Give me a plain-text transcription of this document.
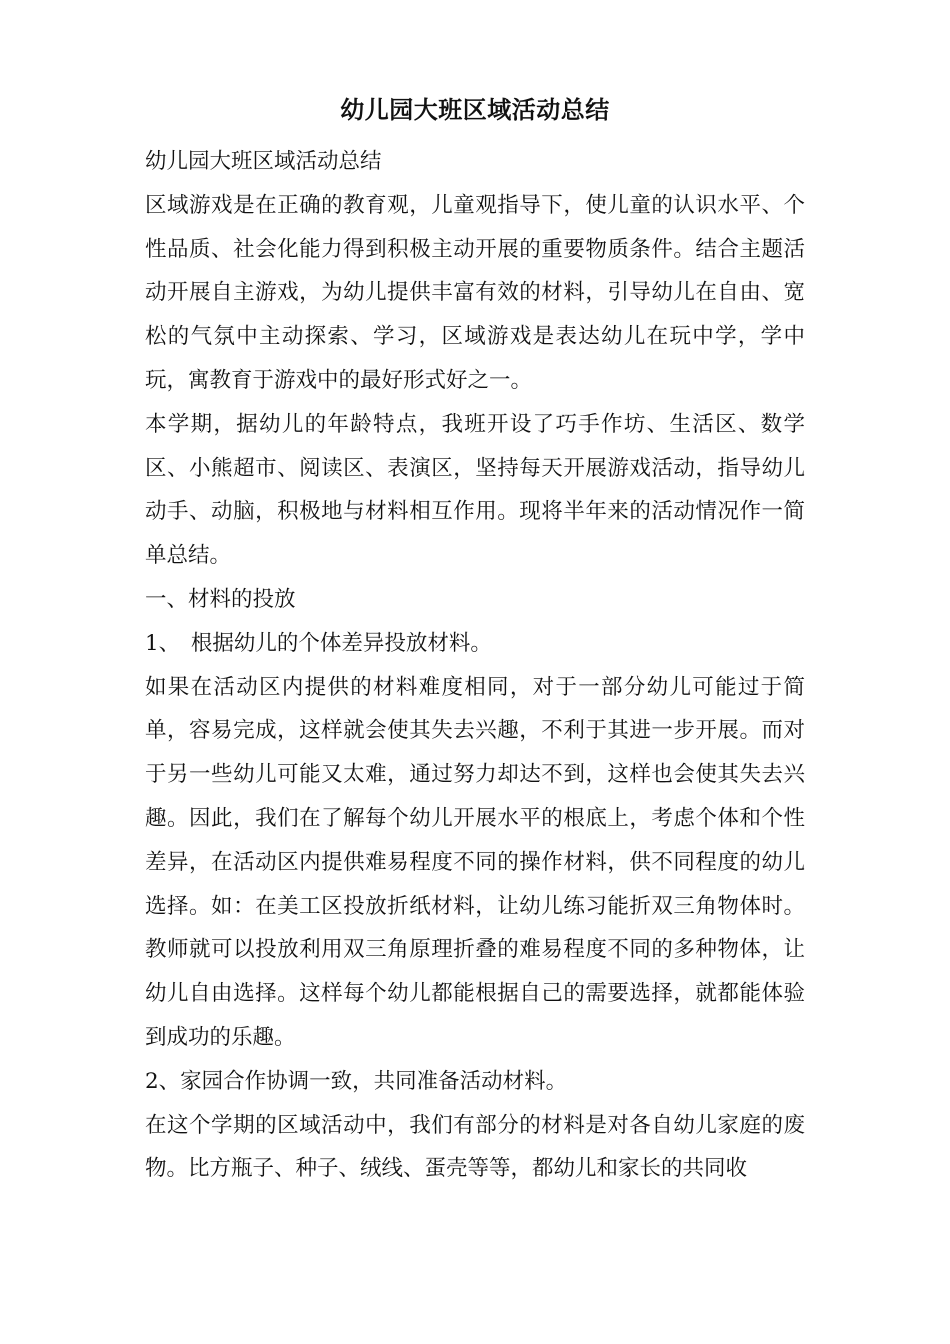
幼儿园大班区域活动总结

幼儿园大班区域活动总结

区域游戏是在正确的教育观，儿童观指导下，使儿童的认识水平、个性品质、社会化能力得到积极主动开展的重要物质条件。结合主题活动开展自主游戏，为幼儿提供丰富有效的材料，引导幼儿在自由、宽松的气氛中主动探索、学习，区域游戏是表达幼儿在玩中学，学中玩，寓教育于游戏中的最好形式好之一。

本学期，据幼儿的年龄特点，我班开设了巧手作坊、生活区、数学区、小熊超市、阅读区、表演区，坚持每天开展游戏活动，指导幼儿动手、动脑，积极地与材料相互作用。现将半年来的活动情况作一简单总结。

一、材料的投放

1、　根据幼儿的个体差异投放材料。

如果在活动区内提供的材料难度相同，对于一部分幼儿可能过于简单，容易完成，这样就会使其失去兴趣，不利于其进一步开展。而对于另一些幼儿可能又太难，通过努力却达不到，这样也会使其失去兴趣。因此，我们在了解每个幼儿开展水平的根底上，考虑个体和个性差异，在活动区内提供难易程度不同的操作材料，供不同程度的幼儿选择。如：在美工区投放折纸材料，让幼儿练习能折双三角物体时。教师就可以投放利用双三角原理折叠的难易程度不同的多种物体，让幼儿自由选择。这样每个幼儿都能根据自己的需要选择，就都能体验到成功的乐趣。

2、家园合作协调一致，共同准备活动材料。

在这个学期的区域活动中，我们有部分的材料是对各自幼儿家庭的废物。比方瓶子、种子、绒线、蛋壳等等，都幼儿和家长的共同收
